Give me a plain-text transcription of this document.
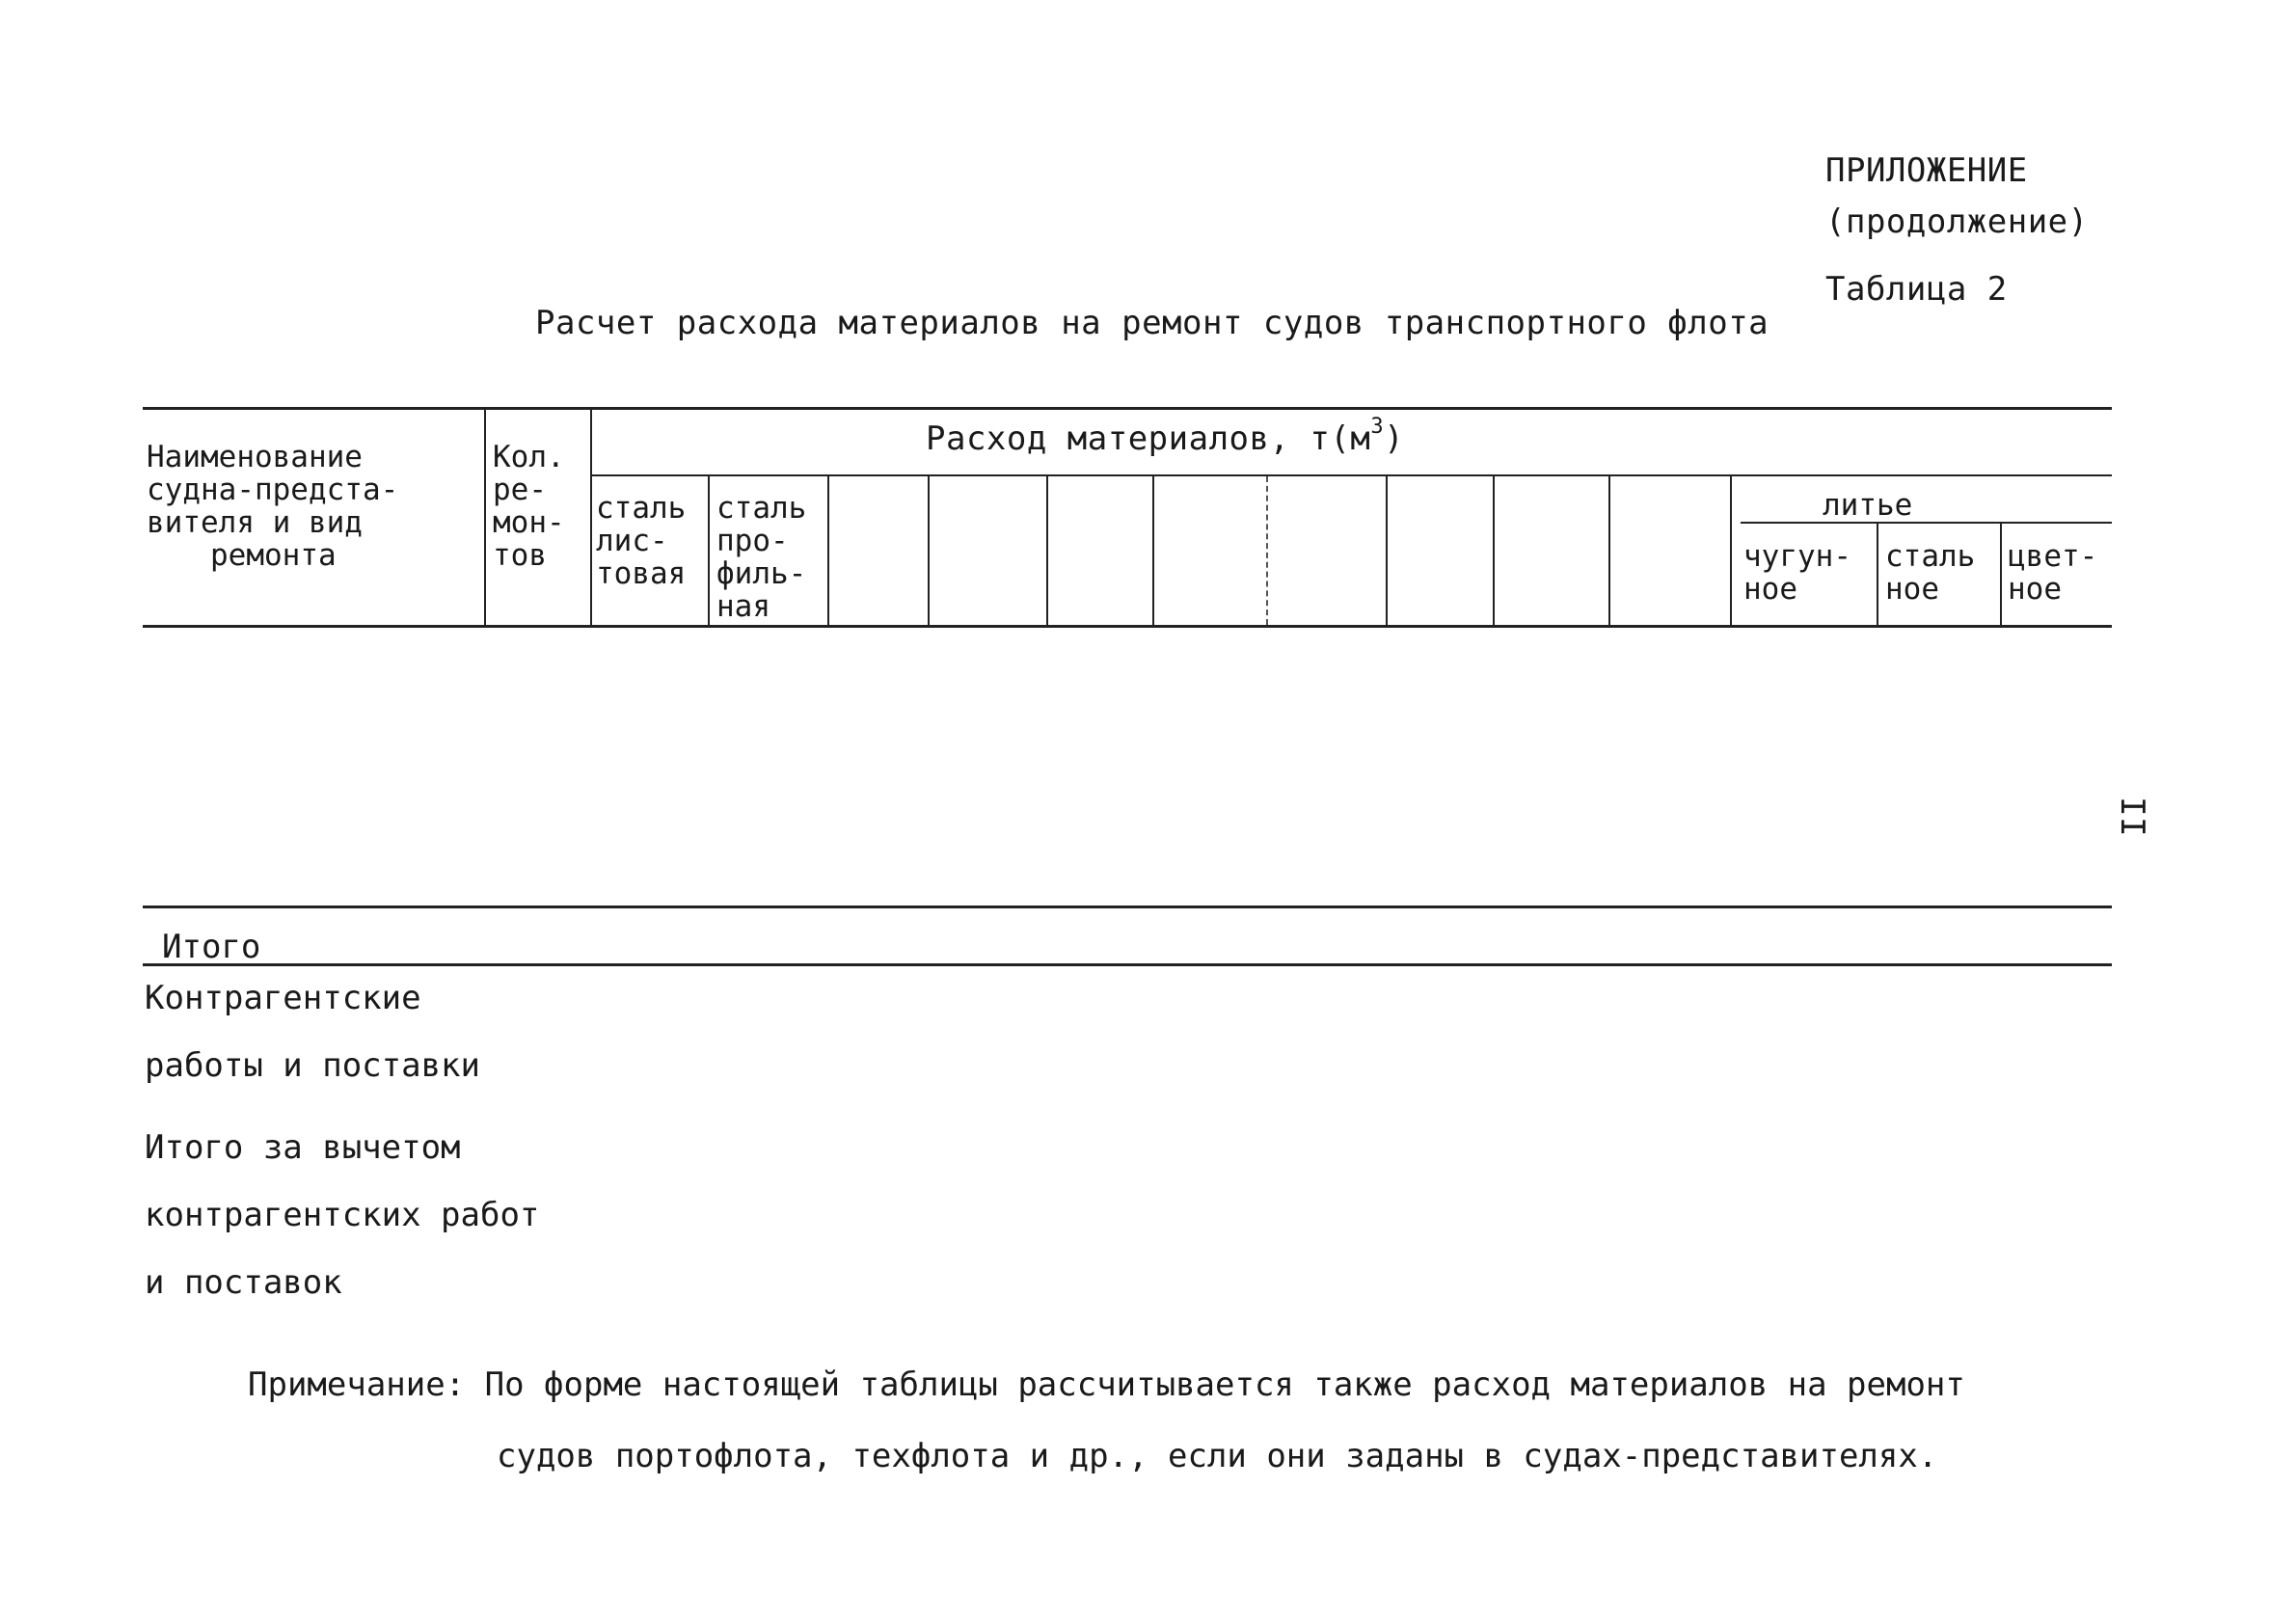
ПРИЛОЖЕНИЕ
(продолжение)
Таблица 2
Расчет расхода материалов на ремонт судов транспортного флота
II
Наименование
судна-предста-
вителя и вид
ремонта
Кол.
ре-
мон-
тов
Расход материалов, $т(м^3)$
сталь
лис-
товая
сталь
про-
филь-
ная
литье
чугун-
ное
сталь
ное
цвет-
ное
Итого
Контрагентские
работы и поставки
Итого за вычетом
контрагентских работ
и поставок
Примечание: По форме настоящей таблицы рассчитывается также расход материалов на ремонт
судов портофлота, техфлота и др., если они заданы в судах-представителях.
